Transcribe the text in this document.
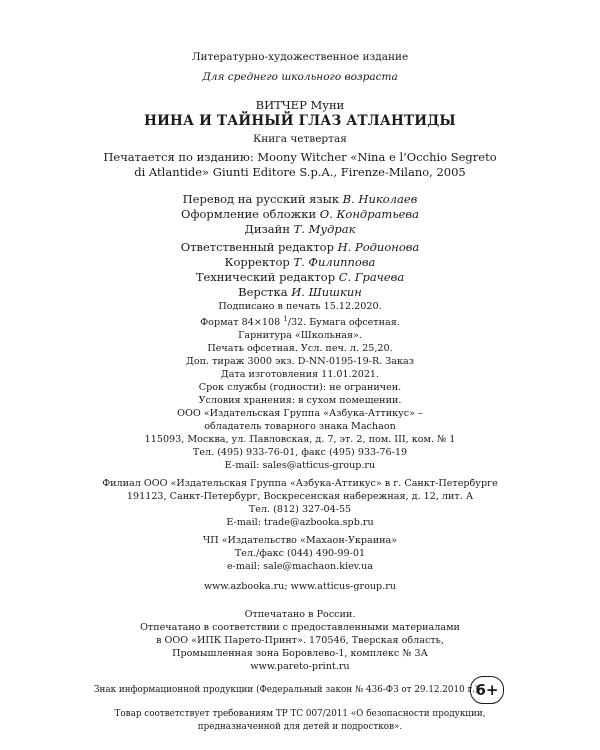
Литературно-художественное издание
Для среднего школьного возраста
ВИТЧЕР Муни
НИНА И ТАЙНЫЙ ГЛАЗ АТЛАНТИДЫ
Книга четвертая
Печатается по изданию: Moony Witcher «Nina e l’Occhio Segreto
di Atlantide» Giunti Editore S.p.A., Firenze-Milano, 2005
Перевод на русский язык В. Николаев
Оформление обложки О. Кондратьева
Дизайн Т. Мудрак
Ответственный редактор Н. Родионова
Корректор Т. Филиппова
Технический редактор С. Грачева
Верстка И. Шишкин
Подписано в печать 15.12.2020.
Формат 84×108 $^1$/32. Бумага офсетная.
Гарнитура «Школьная».
Печать офсетная. Усл. печ. л. 25,20.
Доп. тираж 3000 экз. D-NN-0195-19-R. Заказ
Дата изготовления 11.01.2021.
Срок службы (годности): не ограничен.
Условия хранения: в сухом помещении.
ООО «Издательская Группа «Азбука-Аттикус» –
обладатель товарного знака Machaon
115093, Москва, ул. Павловская, д. 7, эт. 2, пом. III, ком. № 1
Тел. (495) 933-76-01, факс (495) 933-76-19
E-mail: sales@atticus-group.ru
Филиал ООО «Издательская Группа «Азбука-Аттикус» в г. Санкт-Петербурге
191123, Санкт-Петербург, Воскресенская набережная, д. 12, лит. А
Тел. (812) 327-04-55
E-mail: trade@azbooka.spb.ru
ЧП «Издательство «Махаон-Украина»
Тел./факс (044) 490-99-01
e-mail: sale@machaon.kiev.ua
www.azbooka.ru; www.atticus-group.ru
Отпечатано в России.
Отпечатано в соответствии с предоставленными материалами
в ООО «ИПК Парето-Принт». 170546, Тверская область,
Промышленная зона Боровлево-1, комплекс № 3А
www.pareto-print.ru
Знак информационной продукции (Федеральный закон № 436-ФЗ от 29.12.2010 г.)
6+
Товар соответствует требованиям ТР ТС 007/2011 «О безопасности продукции,
предназначенной для детей и подростков».
